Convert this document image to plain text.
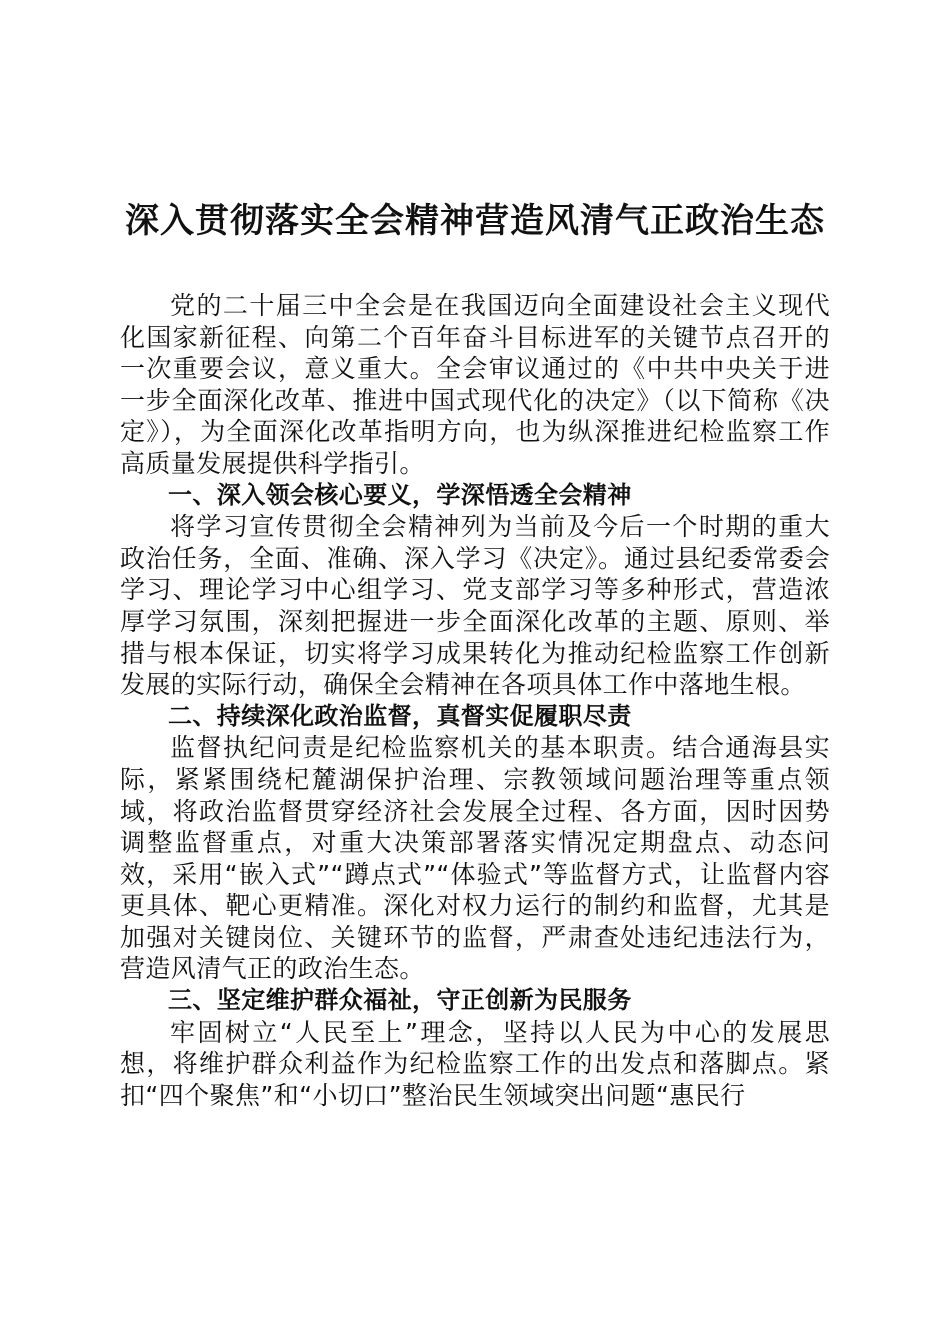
深入贯彻落实全会精神营造风清气正政治生态

党的二十届三中全会是在我国迈向全面建设社会主义现代化国家新征程、向第二个百年奋斗目标进军的关键节点召开的一次重要会议，意义重大。全会审议通过的《中共中央关于进一步全面深化改革、推进中国式现代化的决定》（以下简称《决定》），为全面深化改革指明方向，也为纵深推进纪检监察工作高质量发展提供科学指引。

一、深入领会核心要义，学深悟透全会精神

将学习宣传贯彻全会精神列为当前及今后一个时期的重大政治任务，全面、准确、深入学习《决定》。通过县纪委常委会学习、理论学习中心组学习、党支部学习等多种形式，营造浓厚学习氛围，深刻把握进一步全面深化改革的主题、原则、举措与根本保证，切实将学习成果转化为推动纪检监察工作创新发展的实际行动，确保全会精神在各项具体工作中落地生根。

二、持续深化政治监督，真督实促履职尽责

监督执纪问责是纪检监察机关的基本职责。结合通海县实际，紧紧围绕杞麓湖保护治理、宗教领域问题治理等重点领域，将政治监督贯穿经济社会发展全过程、各方面，因时因势调整监督重点，对重大决策部署落实情况定期盘点、动态问效，采用“嵌入式”“蹲点式”“体验式”等监督方式，让监督内容更具体、靶心更精准。深化对权力运行的制约和监督，尤其是加强对关键岗位、关键环节的监督，严肃查处违纪违法行为，营造风清气正的政治生态。

三、坚定维护群众福祉，守正创新为民服务

牢固树立“人民至上”理念，坚持以人民为中心的发展思想，将维护群众利益作为纪检监察工作的出发点和落脚点。紧扣“四个聚焦”和“小切口”整治民生领域突出问题“惠民行
